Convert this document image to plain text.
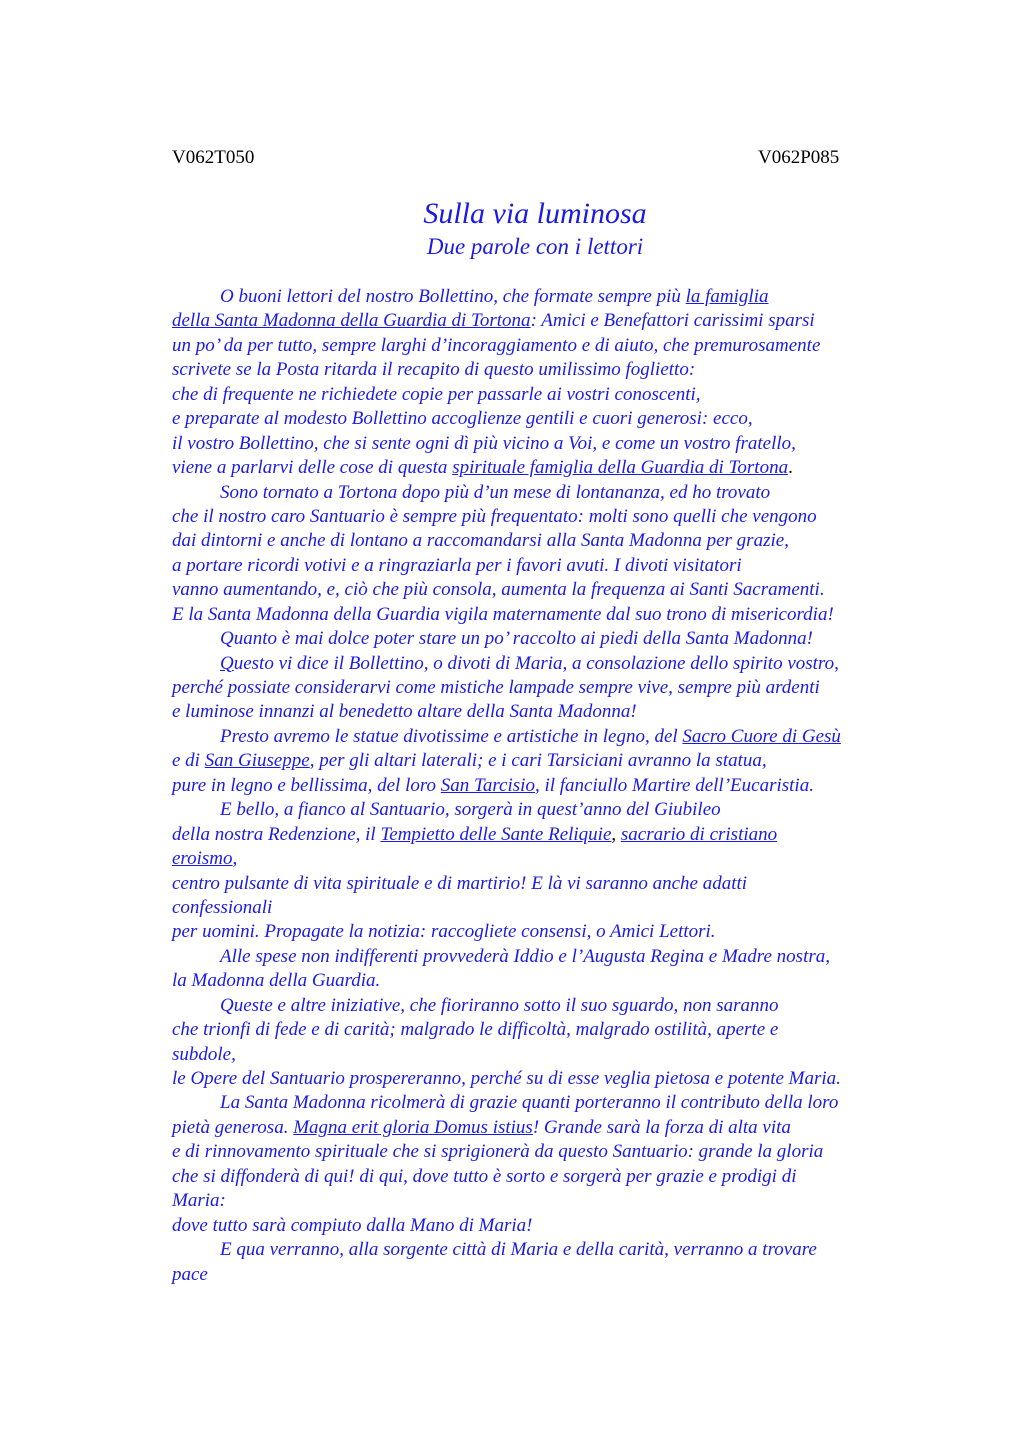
V062T050	V062P085
Sulla via luminosa
Due parole con i lettori
O buoni lettori del nostro Bollettino, che formate sempre più la famiglia
della Santa Madonna della Guardia di Tortona: Amici e Benefattori carissimi sparsi
un po’ da per tutto, sempre larghi d’incoraggiamento e di aiuto, che premurosamente
scrivete se la Posta ritarda il recapito di questo umilissimo foglietto:
che di frequente ne richiedete copie per passarle ai vostri conoscenti,
e preparate al modesto Bollettino accoglienze gentili e cuori generosi: ecco,
il vostro Bollettino, che si sente ogni dì più vicino a Voi, e come un vostro fratello,
viene a parlarvi delle cose di questa spirituale famiglia della Guardia di Tortona.
Sono tornato a Tortona dopo più d’un mese di lontananza, ed ho trovato
che il nostro caro Santuario è sempre più frequentato: molti sono quelli che vengono
dai dintorni e anche di lontano a raccomandarsi alla Santa Madonna per grazie,
a portare ricordi votivi e a ringraziarla per i favori avuti. I divoti visitatori
vanno aumentando, e, ciò che più consola, aumenta la frequenza ai Santi Sacramenti.
E la Santa Madonna della Guardia vigila maternamente dal suo trono di misericordia!
Quanto è mai dolce poter stare un po’ raccolto ai piedi della Santa Madonna!
Questo vi dice il Bollettino, o divoti di Maria, a consolazione dello spirito vostro,
perché possiate considerarvi come mistiche lampade sempre vive, sempre più ardenti
e luminose innanzi al benedetto altare della Santa Madonna!
Presto avremo le statue divotissime e artistiche in legno, del Sacro Cuore di Gesù
e di San Giuseppe, per gli altari laterali; e i cari Tarsiciani avranno la statua,
pure in legno e bellissima, del loro San Tarcisio, il fanciullo Martire dell’Eucaristia.
E bello, a fianco al Santuario, sorgerà in quest’anno del Giubileo
della nostra Redenzione, il Tempietto delle Sante Reliquie, sacrario di cristiano
eroismo,
centro pulsante di vita spirituale e di martirio! E là vi saranno anche adatti
confessionali
per uomini. Propagate la notizia: raccogliete consensi, o Amici Lettori.
Alle spese non indifferenti provvederà Iddio e l’Augusta Regina e Madre nostra,
la Madonna della Guardia.
Queste e altre iniziative, che fioriranno sotto il suo sguardo, non saranno
che trionfi di fede e di carità; malgrado le difficoltà, malgrado ostilità, aperte e
subdole,
le Opere del Santuario prospereranno, perché su di esse veglia pietosa e potente Maria.
La Santa Madonna ricolmerà di grazie quanti porteranno il contributo della loro
pietà generosa. Magna erit gloria Domus istius! Grande sarà la forza di alta vita
e di rinnovamento spirituale che si sprigionerà da questo Santuario: grande la gloria
che si diffonderà di qui! di qui, dove tutto è sorto e sorgerà per grazie e prodigi di
Maria:
dove tutto sarà compiuto dalla Mano di Maria!
E qua verranno, alla sorgente città di Maria e della carità, verranno a trovare
pace
